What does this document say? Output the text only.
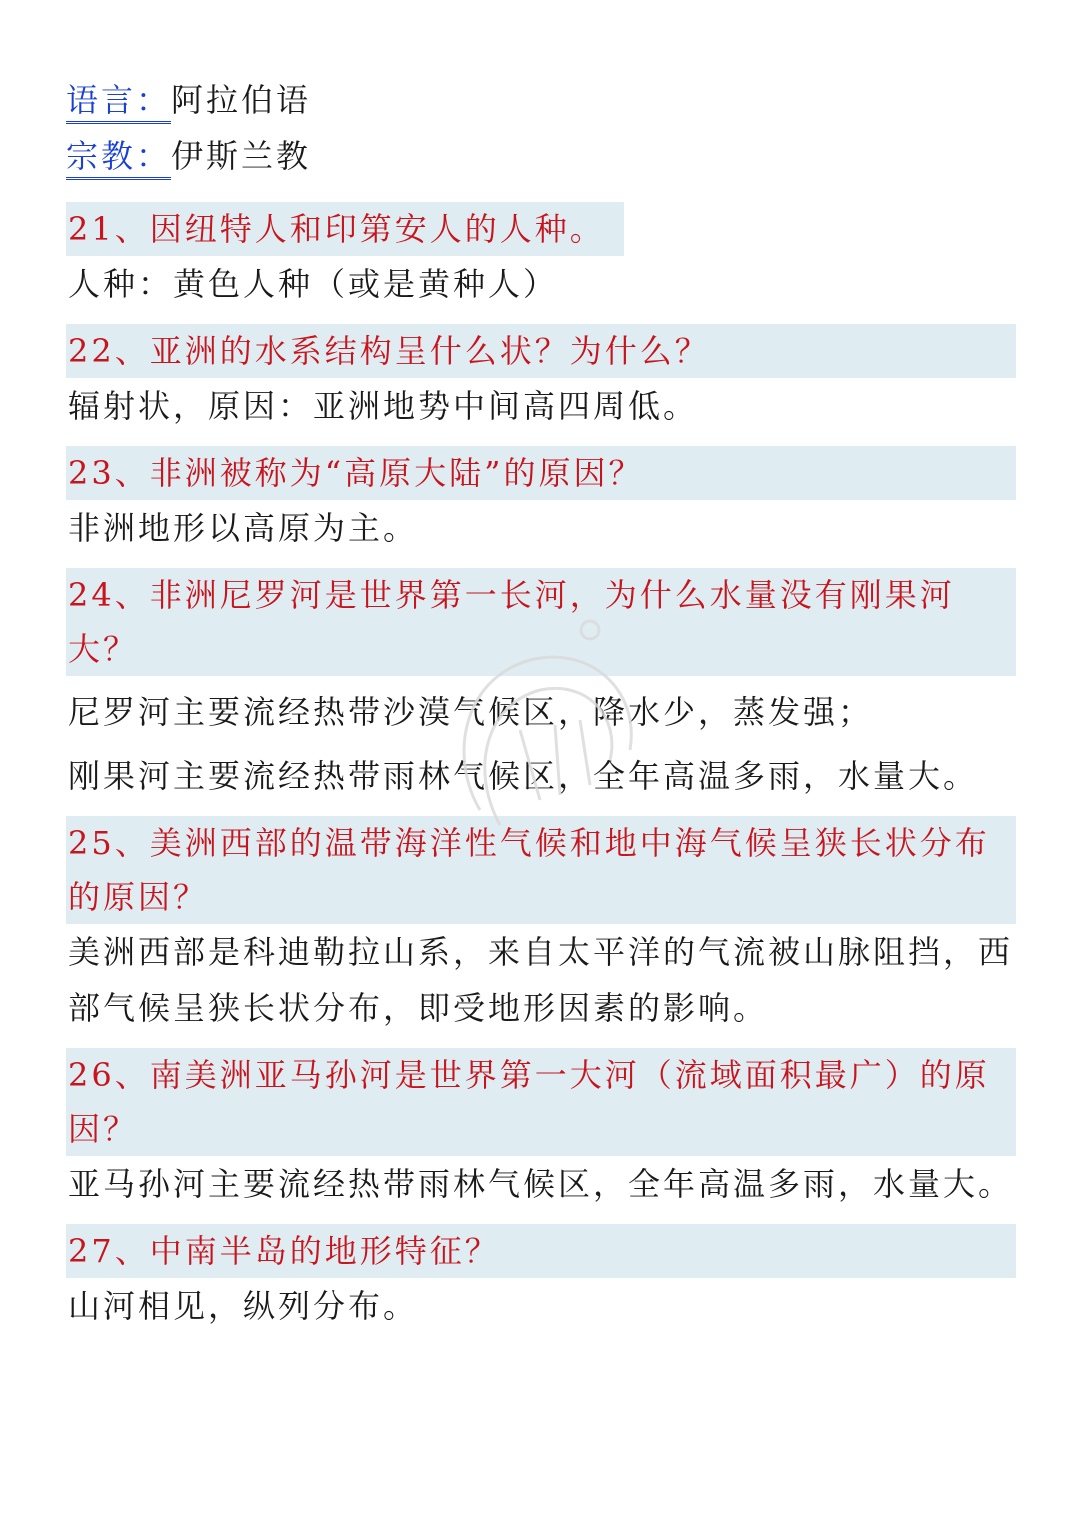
语言：阿拉伯语
宗教：伊斯兰教
21、因纽特人和印第安人的人种。
人种：黄色人种（或是黄种人）
22、亚洲的水系结构呈什么状？为什么？
辐射状，原因：亚洲地势中间高四周低。
23、非洲被称为“高原大陆”的原因？
非洲地形以高原为主。
24、非洲尼罗河是世界第一长河，为什么水量没有刚果河大？
尼罗河主要流经热带沙漠气候区，降水少，蒸发强；
刚果河主要流经热带雨林气候区，全年高温多雨，水量大。
25、美洲西部的温带海洋性气候和地中海气候呈狭长状分布的原因？
美洲西部是科迪勒拉山系，来自太平洋的气流被山脉阻挡，西部气候呈狭长状分布，即受地形因素的影响。
26、南美洲亚马孙河是世界第一大河（流域面积最广）的原因？
亚马孙河主要流经热带雨林气候区，全年高温多雨，水量大。
27、中南半岛的地形特征？
山河相见，纵列分布。
